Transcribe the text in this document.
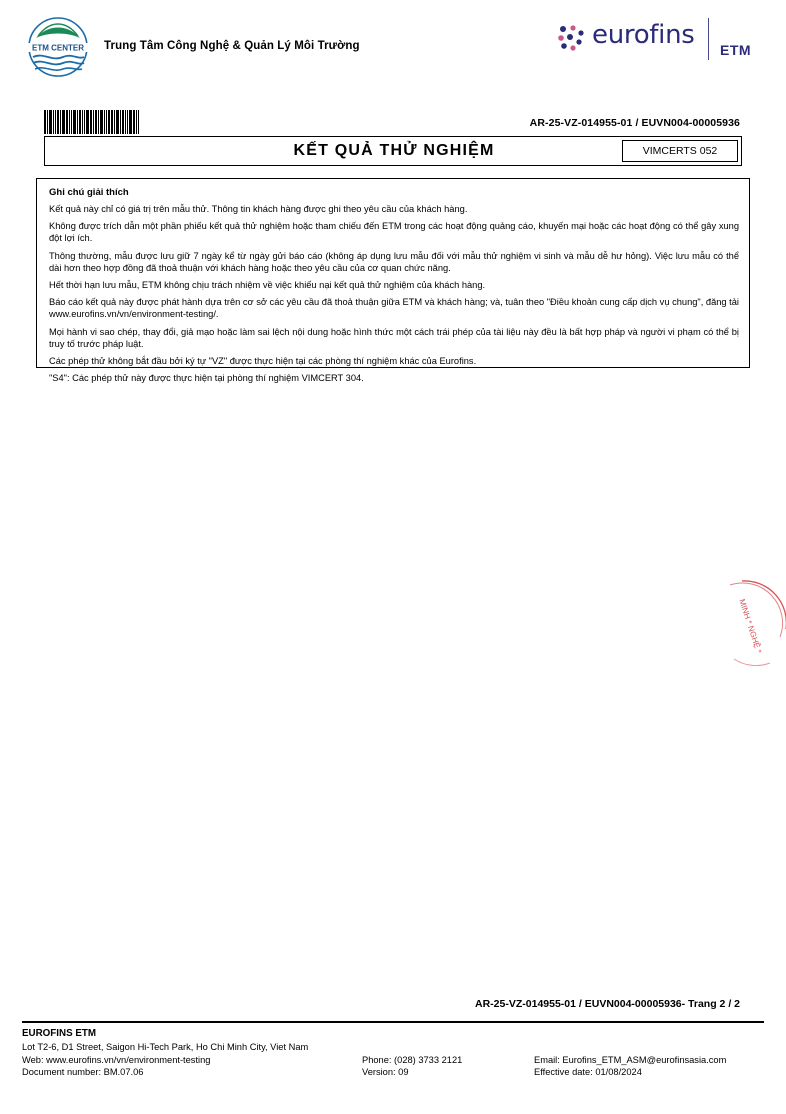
ETM CENTER Trung Tâm Công Nghệ & Quản Lý Môi Trường	eurofins ETM
AR-25-VZ-014955-01 / EUVN004-00005936
KẾT QUẢ THỬ NGHIỆM	VIMCERTS 052
Ghi chú giải thích

Kết quả này chỉ có giá trị trên mẫu thử. Thông tin khách hàng được ghi theo yêu cầu của khách hàng.

Không được trích dẫn một phần phiếu kết quả thử nghiệm hoặc tham chiếu đến ETM trong các hoạt động quảng cáo, khuyến mại hoặc các hoạt động có thể gây xung đột lợi ích.

Thông thường, mẫu được lưu giữ 7 ngày kể từ ngày gửi báo cáo (không áp dụng lưu mẫu đối với mẫu thử nghiệm vi sinh và mẫu dễ hư hỏng). Việc lưu mẫu có thể dài hơn theo hợp đồng đã thoả thuận với khách hàng hoặc theo yêu cầu của cơ quan chức năng.

Hết thời hạn lưu mẫu, ETM không chịu trách nhiệm về việc khiếu nại kết quả thử nghiệm của khách hàng.

Báo cáo kết quả này được phát hành dựa trên cơ sở các yêu cầu đã thoả thuận giữa ETM và khách hàng; và, tuân theo "Điều khoản cung cấp dịch vụ chung", đăng tải www.eurofins.vn/vn/environment-testing/.

Mọi hành vi sao chép, thay đổi, giả mạo hoặc làm sai lệch nội dung hoặc hình thức một cách trái phép của tài liệu này đều là bất hợp pháp và người vi phạm có thể bị truy tố trước pháp luật.

Các phép thử không bắt đầu bởi ký tự "VZ" được thực hiện tại các phòng thí nghiệm khác của Eurofins.

"S4": Các phép thử này được thực hiện tại phòng thí nghiệm VIMCERT 304.

MINH * NGHỆ *
AR-25-VZ-014955-01 / EUVN004-00005936- Trang 2 / 2
EUROFINS ETM
Lot T2-6, D1 Street, Saigon Hi-Tech Park, Ho Chi Minh City, Viet Nam
Web: www.eurofins.vn/vn/environment-testing
Document number: BM.07.06
Phone: (028) 3733 2121
Version: 09
Email: Eurofins_ETM_ASM@eurofinsasia.com
Effective date: 01/08/2024
